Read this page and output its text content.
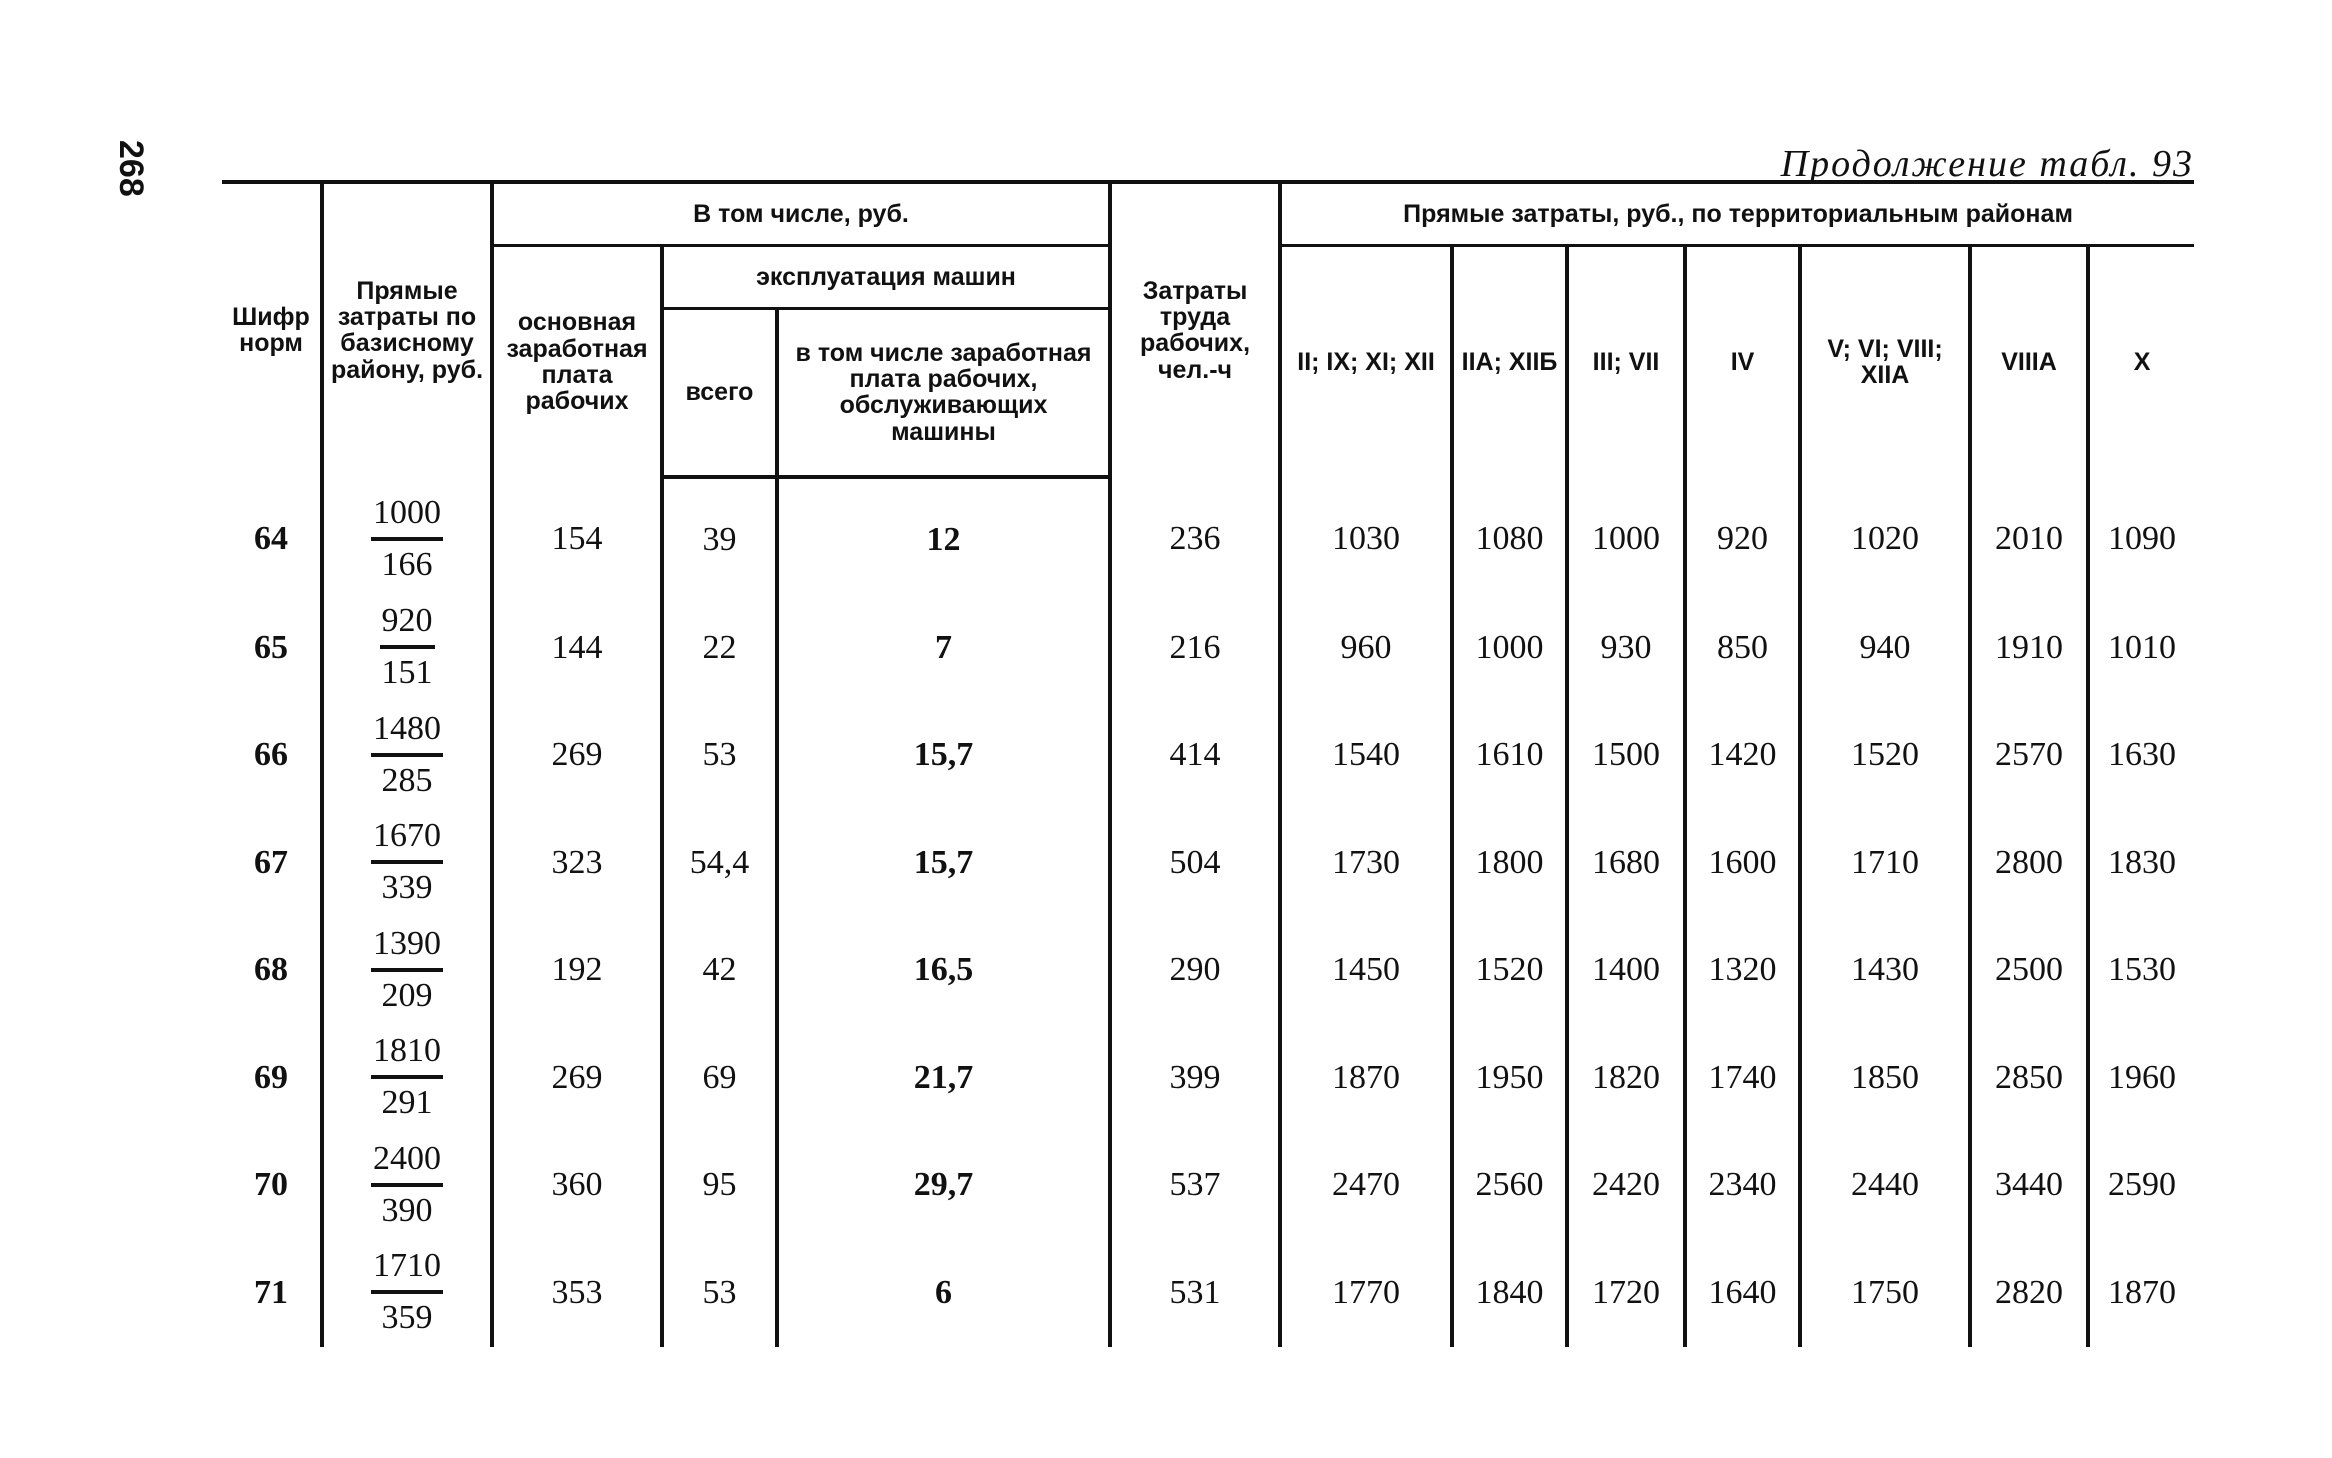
268	Продолжение табл. 93
Шифр норм	Прямые затраты по базисному району, руб.	В том числе, руб.			Затраты труда рабочих, чел.-ч	Прямые затраты, руб., по территориальным районам						
		основная заработная плата рабочих	эксплуатация машин			II; IX; XI; XII	IIA; XIIБ	III; VII	IV	V; VI; VIII; XIIA	VIIIA	X
			всего	в том числе заработная плата рабочих, обслуживающих машины								
64	$\frac{1000}{166}$	154	39	12	236	1030	1080	1000	920	1020	2010	1090
65	$\frac{920}{151}$	144	22	7	216	960	1000	930	850	940	1910	1010
66	$\frac{1480}{285}$	269	53	15,7	414	1540	1610	1500	1420	1520	2570	1630
67	$\frac{1670}{339}$	323	54,4	15,7	504	1730	1800	1680	1600	1710	2800	1830
68	$\frac{1390}{209}$	192	42	16,5	290	1450	1520	1400	1320	1430	2500	1530
69	$\frac{1810}{291}$	269	69	21,7	399	1870	1950	1820	1740	1850	2850	1960
70	$\frac{2400}{390}$	360	95	29,7	537	2470	2560	2420	2340	2440	3440	2590
71	$\frac{1710}{359}$	353	53	6	531	1770	1840	1720	1640	1750	2820	1870
